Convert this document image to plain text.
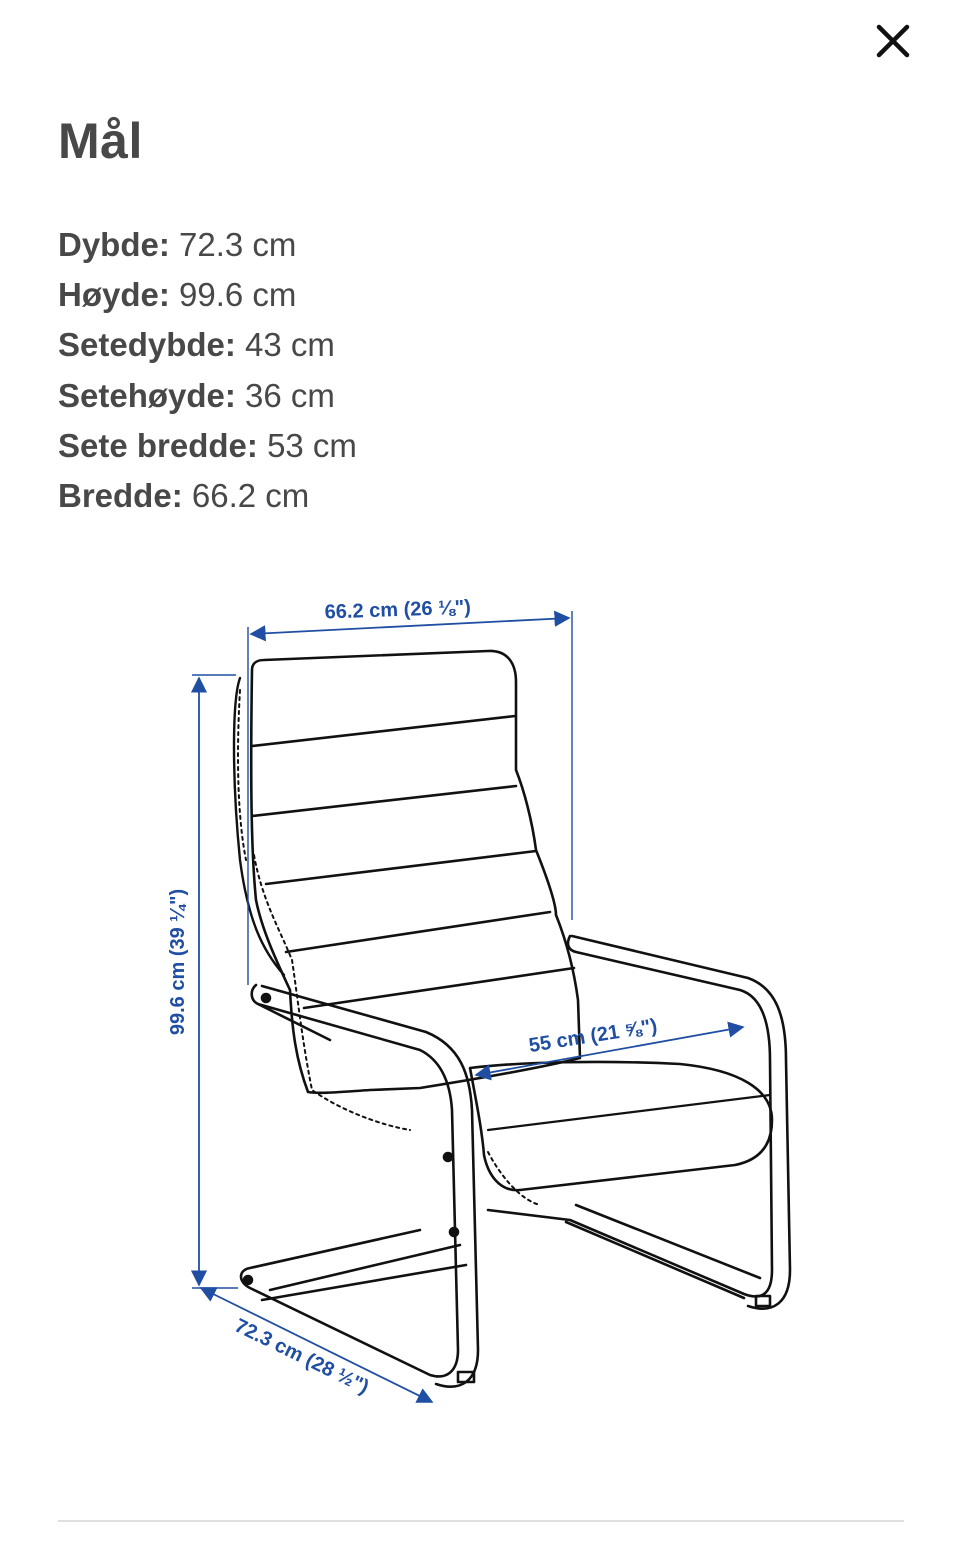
Mål
Dybde: 72.3 cm
Høyde: 99.6 cm
Setedybde: 43 cm
Setehøyde: 36 cm
Sete bredde: 53 cm
Bredde: 66.2 cm
66.2 cm (26 ⅛")
99.6 cm (39 ¼")
55 cm (21 ⅝")
72.3 cm (28 ½")
